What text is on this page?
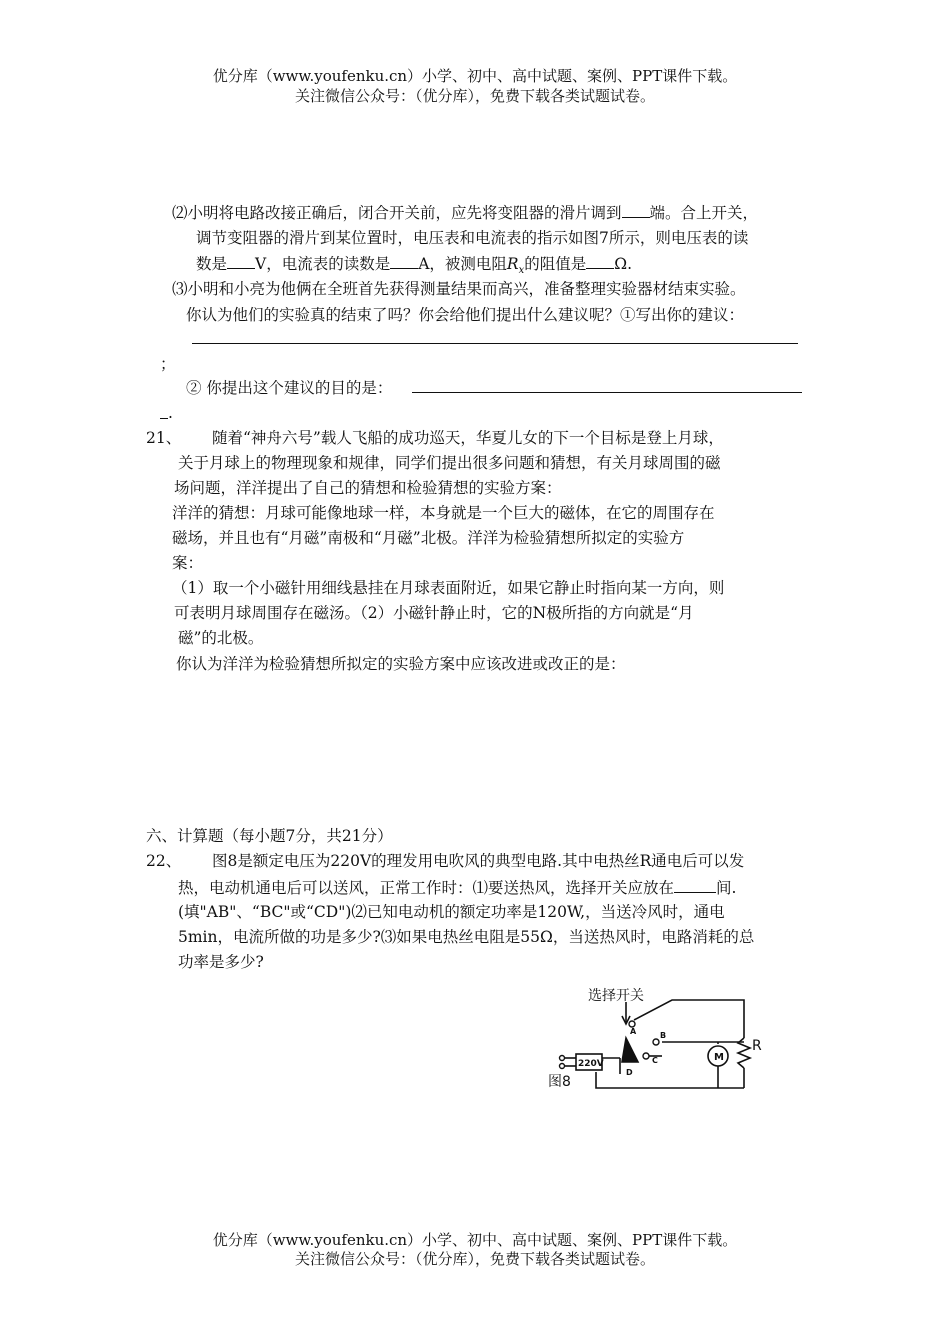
优分库（www.youfenku.cn）小学、初中、高中试题、案例、PPT课件下载。
关注微信公众号：（优分库），免费下载各类试题试卷。
⑵小明将电路改接正确后，闭合开关前，应先将变阻器的滑片调到 端。合上开关，
调节变阻器的滑片到某位置时，电压表和电流表的指示如图7所示，则电压表的读
数是 V，电流表的读数是 A，被测电阻$R_x$的阻值是 Ω.
⑶小明和小亮为他俩在全班首先获得测量结果而高兴，准备整理实验器材结束实验。
你认为他们的实验真的结束了吗？你会给他们提出什么建议呢？①写出你的建议：
；
② 你提出这个建议的目的是：
.
21、 随着“神舟六号”载人飞船的成功巡天，华夏儿女的下一个目标是登上月球，
关于月球上的物理现象和规律，同学们提出很多问题和猜想，有关月球周围的磁
场问题，洋洋提出了自己的猜想和检验猜想的实验方案：
洋洋的猜想：月球可能像地球一样，本身就是一个巨大的磁体，在它的周围存在
磁场，并且也有“月磁”南极和“月磁”北极。洋洋为检验猜想所拟定的实验方
案：
（1）取一个小磁针用细线悬挂在月球表面附近，如果它静止时指向某一方向，则
可表明月球周围存在磁汤。（2）小磁针静止时，它的N极所指的方向就是“月
磁”的北极。
你认为洋洋为检验猜想所拟定的实验方案中应该改进或改正的是：
六、计算题（每小题7分，共21分）
22、 图8是额定电压为220V的理发用电吹风的典型电路.其中电热丝R通电后可以发
热，电动机通电后可以送风，正常工作时：⑴要送热风，选择开关应放在	间.
(填"AB"、“BC"或“CD")⑵已知电动机的额定功率是120W,，当送冷风时，通电
5min，电流所做的功是多少?⑶如果电热丝电阻是55Ω，当送热风时，电路消耗的总
功率是多少?
选择开关
A	B
C
D
220V
M
R
图8
优分库（www.youfenku.cn）小学、初中、高中试题、案例、PPT课件下载。
关注微信公众号：（优分库），免费下载各类试题试卷。
